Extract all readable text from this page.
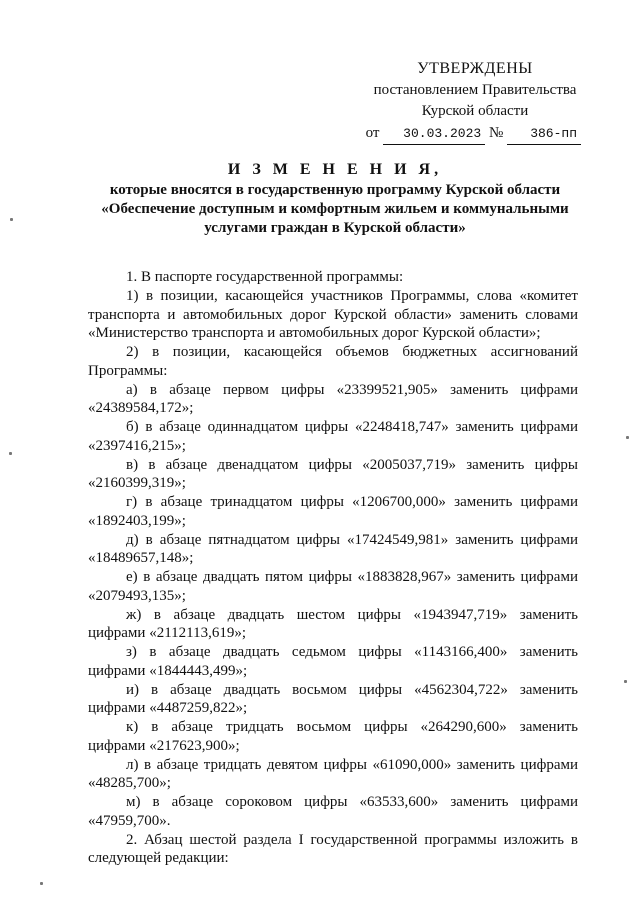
УТВЕРЖДЕНЫ
постановлением Правительства
Курской области
от 30.03.2023 № 386-пп
И З М Е Н Е Н И Я,
которые вносятся в государственную программу Курской области
«Обеспечение доступным и комфортным жильем и коммунальными
услугами граждан в Курской области»

1. В паспорте государственной программы:

1) в позиции, касающейся участников Программы, слова «комитет

транспорта и автомобильных дорог Курской области» заменить словами

«Министерство транспорта и автомобильных дорог Курской области»;

2) в позиции, касающейся объемов бюджетных ассигнований

Программы:

а) в абзаце первом цифры «23399521,905» заменить цифрами

«24389584,172»;

б) в абзаце одиннадцатом цифры «2248418,747» заменить цифрами

«2397416,215»;

в) в абзаце двенадцатом цифры «2005037,719» заменить цифры

«2160399,319»;

г) в абзаце тринадцатом цифры «1206700,000» заменить цифрами

«1892403,199»;

д) в абзаце пятнадцатом цифры «17424549,981» заменить цифрами

«18489657,148»;

е) в абзаце двадцать пятом цифры «1883828,967» заменить цифрами

«2079493,135»;

ж) в абзаце двадцать шестом цифры «1943947,719» заменить

цифрами «2112113,619»;

з) в абзаце двадцать седьмом цифры «1143166,400» заменить

цифрами «1844443,499»;

и) в абзаце двадцать восьмом цифры «4562304,722» заменить

цифрами «4487259,822»;

к) в абзаце тридцать восьмом цифры «264290,600» заменить

цифрами «217623,900»;

л) в абзаце тридцать девятом цифры «61090,000» заменить цифрами

«48285,700»;

м) в абзаце сороковом цифры «63533,600» заменить цифрами

«47959,700».

2. Абзац шестой раздела I государственной программы изложить в

следующей редакции:
